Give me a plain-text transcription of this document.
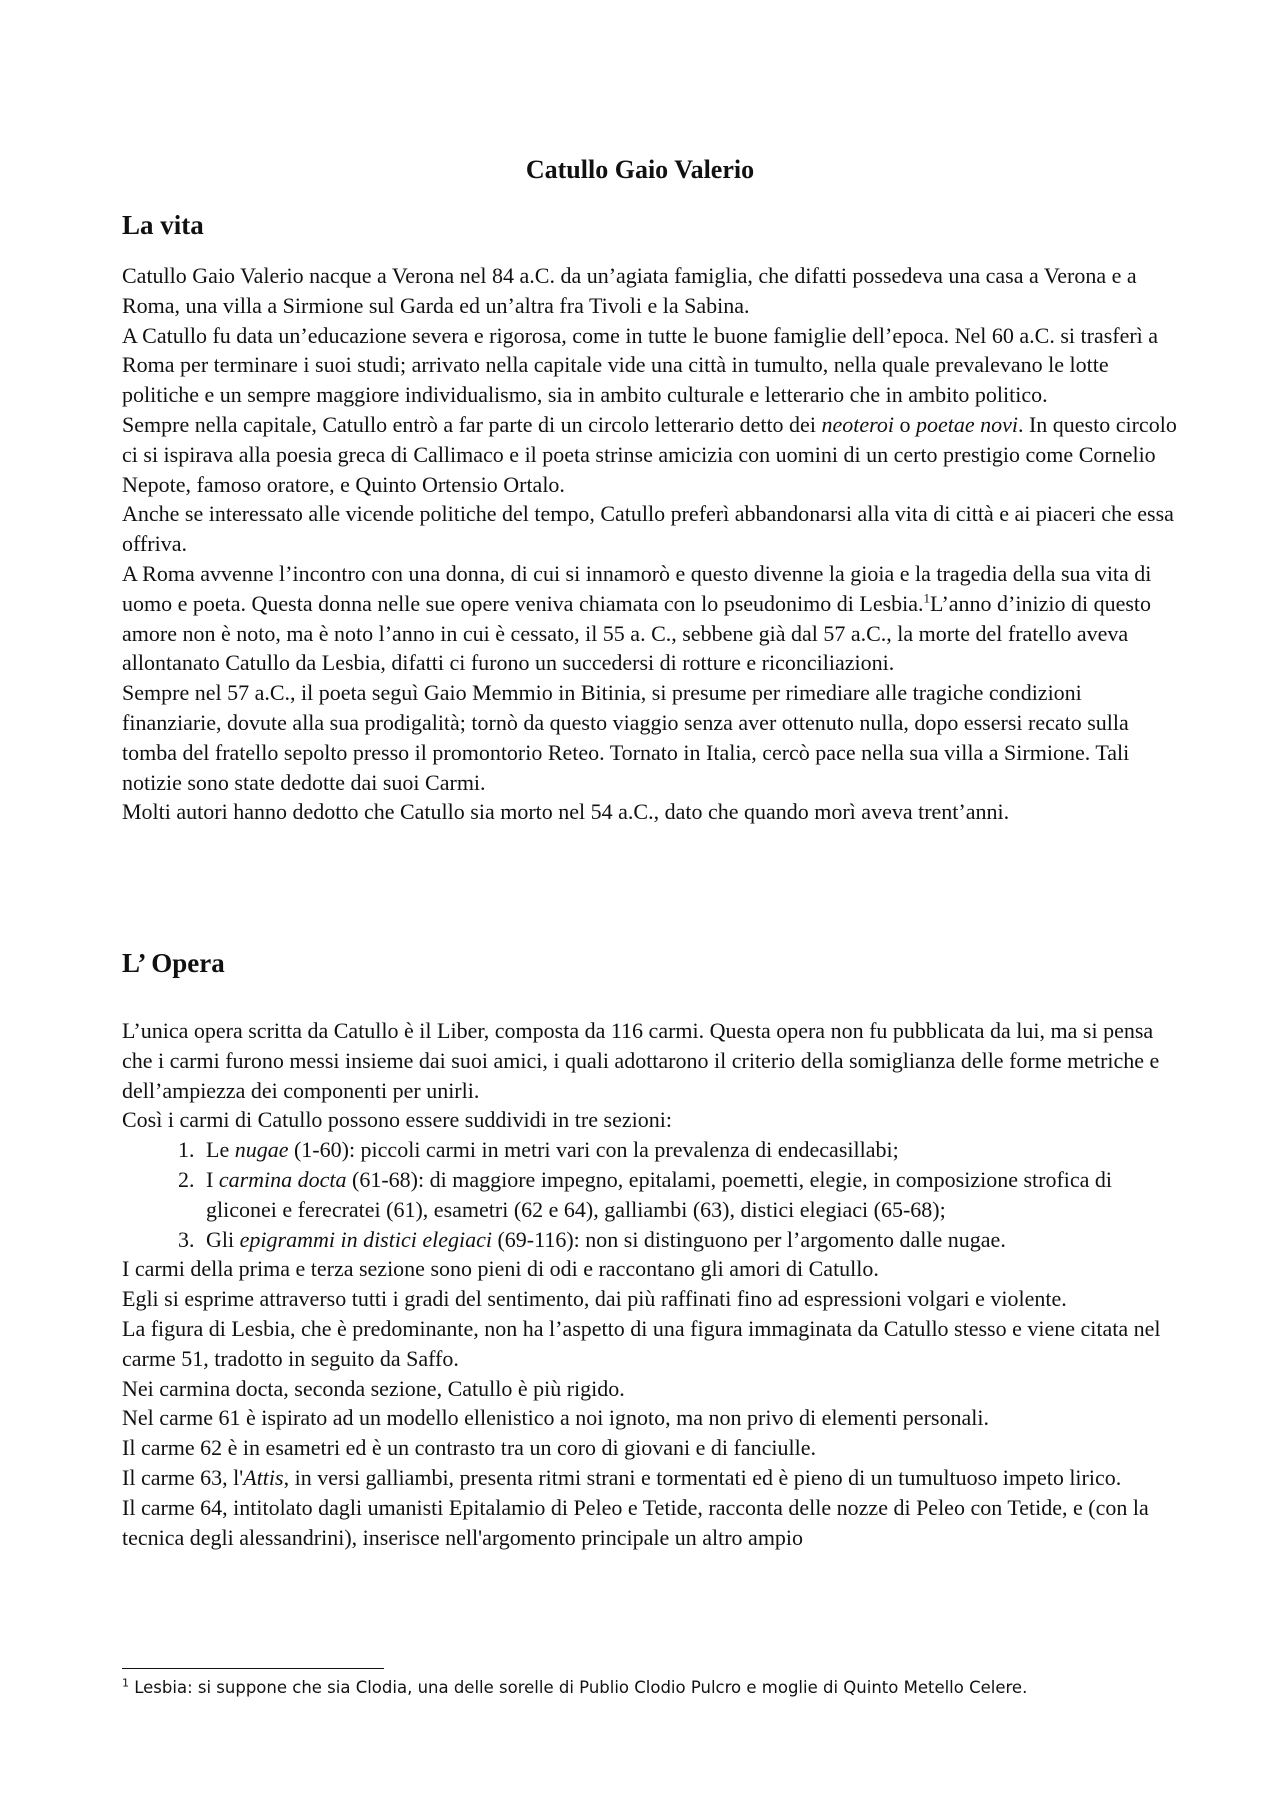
Catullo Gaio Valerio
La vita

Catullo Gaio Valerio nacque a Verona nel 84 a.C. da un’agiata famiglia, che difatti possedeva una casa a Verona e a Roma, una villa a Sirmione sul Garda ed un’altra fra Tivoli e la Sabina.

A Catullo fu data un’educazione severa e rigorosa, come in tutte le buone famiglie dell’epoca. Nel 60 a.C. si trasferì a Roma per terminare i suoi studi; arrivato nella capitale vide una città in tumulto, nella quale prevalevano le lotte politiche e un sempre maggiore individualismo, sia in ambito culturale e letterario che in ambito politico.

Sempre nella capitale, Catullo entrò a far parte di un circolo letterario detto dei neoteroi o poetae novi. In questo circolo ci si ispirava alla poesia greca di Callimaco e il poeta strinse amicizia con uomini di un certo prestigio come Cornelio Nepote, famoso oratore, e Quinto Ortensio Ortalo.

Anche se interessato alle vicende politiche del tempo, Catullo preferì abbandonarsi alla vita di città e ai piaceri che essa offriva.

A Roma avvenne l’incontro con una donna, di cui si innamorò e questo divenne la gioia e la tragedia della sua vita di uomo e poeta. Questa donna nelle sue opere veniva chiamata con lo pseudonimo di Lesbia.$^1$L’anno d’inizio di questo amore non è noto, ma è noto l’anno in cui è cessato, il 55 a. C., sebbene già dal 57 a.C., la morte del fratello aveva allontanato Catullo da Lesbia, difatti ci furono un succedersi di rotture e riconciliazioni.

Sempre nel 57 a.C., il poeta seguì Gaio Memmio in Bitinia, si presume per rimediare alle tragiche condizioni finanziarie, dovute alla sua prodigalità; tornò da questo viaggio senza aver ottenuto nulla, dopo essersi recato sulla tomba del fratello sepolto presso il promontorio Reteo. Tornato in Italia, cercò pace nella sua villa a Sirmione. Tali notizie sono state dedotte dai suoi Carmi.

Molti autori hanno dedotto che Catullo sia morto nel 54 a.C., dato che quando morì aveva trent’anni.

L’ Opera

L’unica opera scritta da Catullo è il Liber, composta da 116 carmi. Questa opera non fu pubblicata da lui, ma si pensa che i carmi furono messi insieme dai suoi amici, i quali adottarono il criterio della somiglianza delle forme metriche e dell’ampiezza dei componenti per unirli.

Così i carmi di Catullo possono essere suddividi in tre sezioni:

1. Le nugae (1-60): piccoli carmi in metri vari con la prevalenza di endecasillabi;
2. I carmina docta (61-68): di maggiore impegno, epitalami, poemetti, elegie, in composizione strofica di gliconei e ferecratei (61), esametri (62 e 64), galliambi (63), distici elegiaci (65-68);
3. Gli epigrammi in distici elegiaci (69-116): non si distinguono per l’argomento dalle nugae.

I carmi della prima e terza sezione sono pieni di odi e raccontano gli amori di Catullo.

Egli si esprime attraverso tutti i gradi del sentimento, dai più raffinati fino ad espressioni volgari e violente.

La figura di Lesbia, che è predominante, non ha l’aspetto di una figura immaginata da Catullo stesso e viene citata nel carme 51, tradotto in seguito da Saffo.

Nei carmina docta, seconda sezione, Catullo è più rigido.

Nel carme 61 è ispirato ad un modello ellenistico a noi ignoto, ma non privo di elementi personali.

Il carme 62 è in esametri ed è un contrasto tra un coro di giovani e di fanciulle.

Il carme 63, l'Attis, in versi galliambi, presenta ritmi strani e tormentati ed è pieno di un tumultuoso impeto lirico.

Il carme 64, intitolato dagli umanisti Epitalamio di Peleo e Tetide, racconta delle nozze di Peleo con Tetide, e (con la tecnica degli alessandrini), inserisce nell'argomento principale un altro ampio

$^1$ Lesbia: si suppone che sia Clodia, una delle sorelle di Publio Clodio Pulcro e moglie di Quinto Metello Celere.
